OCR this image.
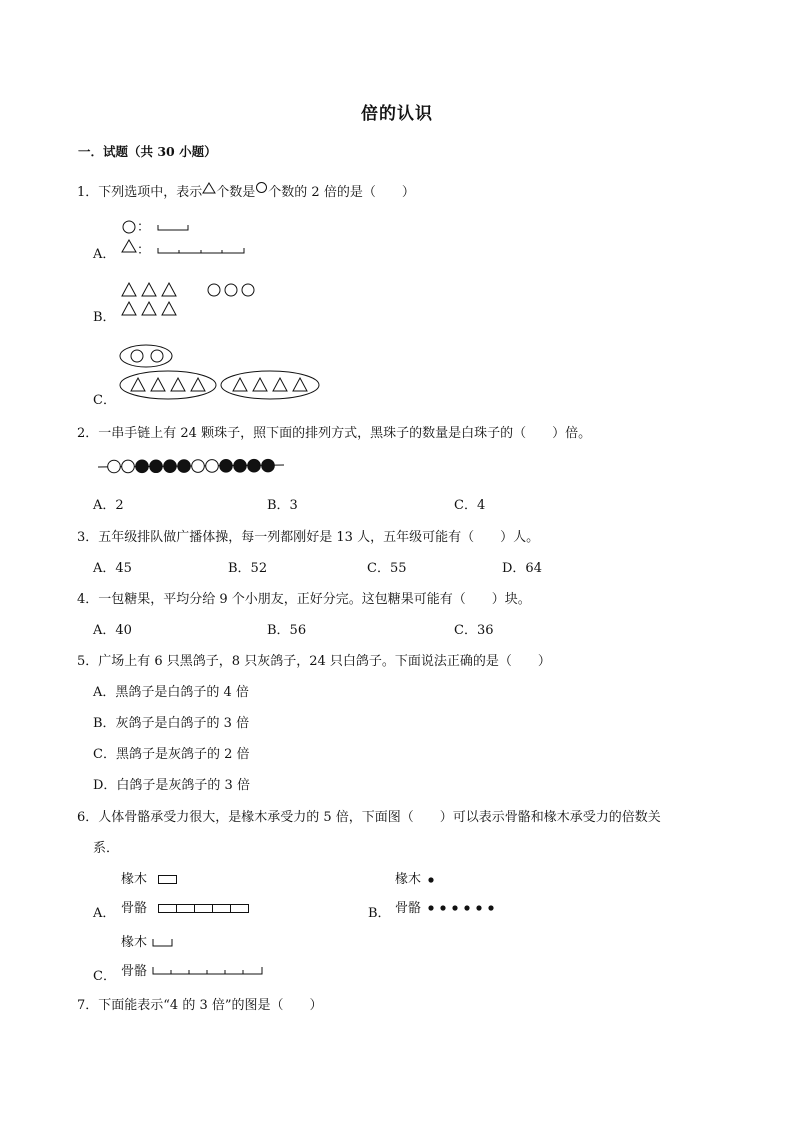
倍的认识
一．试题（共 30 小题）
1．下列选项中，表示 个数是 个数的 2 倍的是（　　）
：
：
A．
B．
C．
2．一串手链上有 24 颗珠子，照下面的排列方式，黑珠子的数量是白珠子的（　　）倍。
A．2	B．3	C．4
3．五年级排队做广播体操，每一列都刚好是 13 人，五年级可能有（　　）人。
A．45	B．52	C．55	D．64
4．一包糖果，平均分给 9 个小朋友，正好分完。这包糖果可能有（　　）块。
A．40	B．56	C．36
5．广场上有 6 只黑鸽子，8 只灰鸽子，24 只白鸽子。下面说法正确的是（　　）
A．黑鸽子是白鸽子的 4 倍
B．灰鸽子是白鸽子的 3 倍
C．黑鸽子是灰鸽子的 2 倍
D．白鸽子是灰鸽子的 3 倍
6．人体骨骼承受力很大，是椽木承受力的 5 倍，下面图（　　）可以表示骨骼和椽木承受力的倍数关
系．
椽木
骨骼
A．
椽木
骨骼
B．
椽木
骨骼
C．
7．下面能表示“4 的 3 倍”的图是（　　）
